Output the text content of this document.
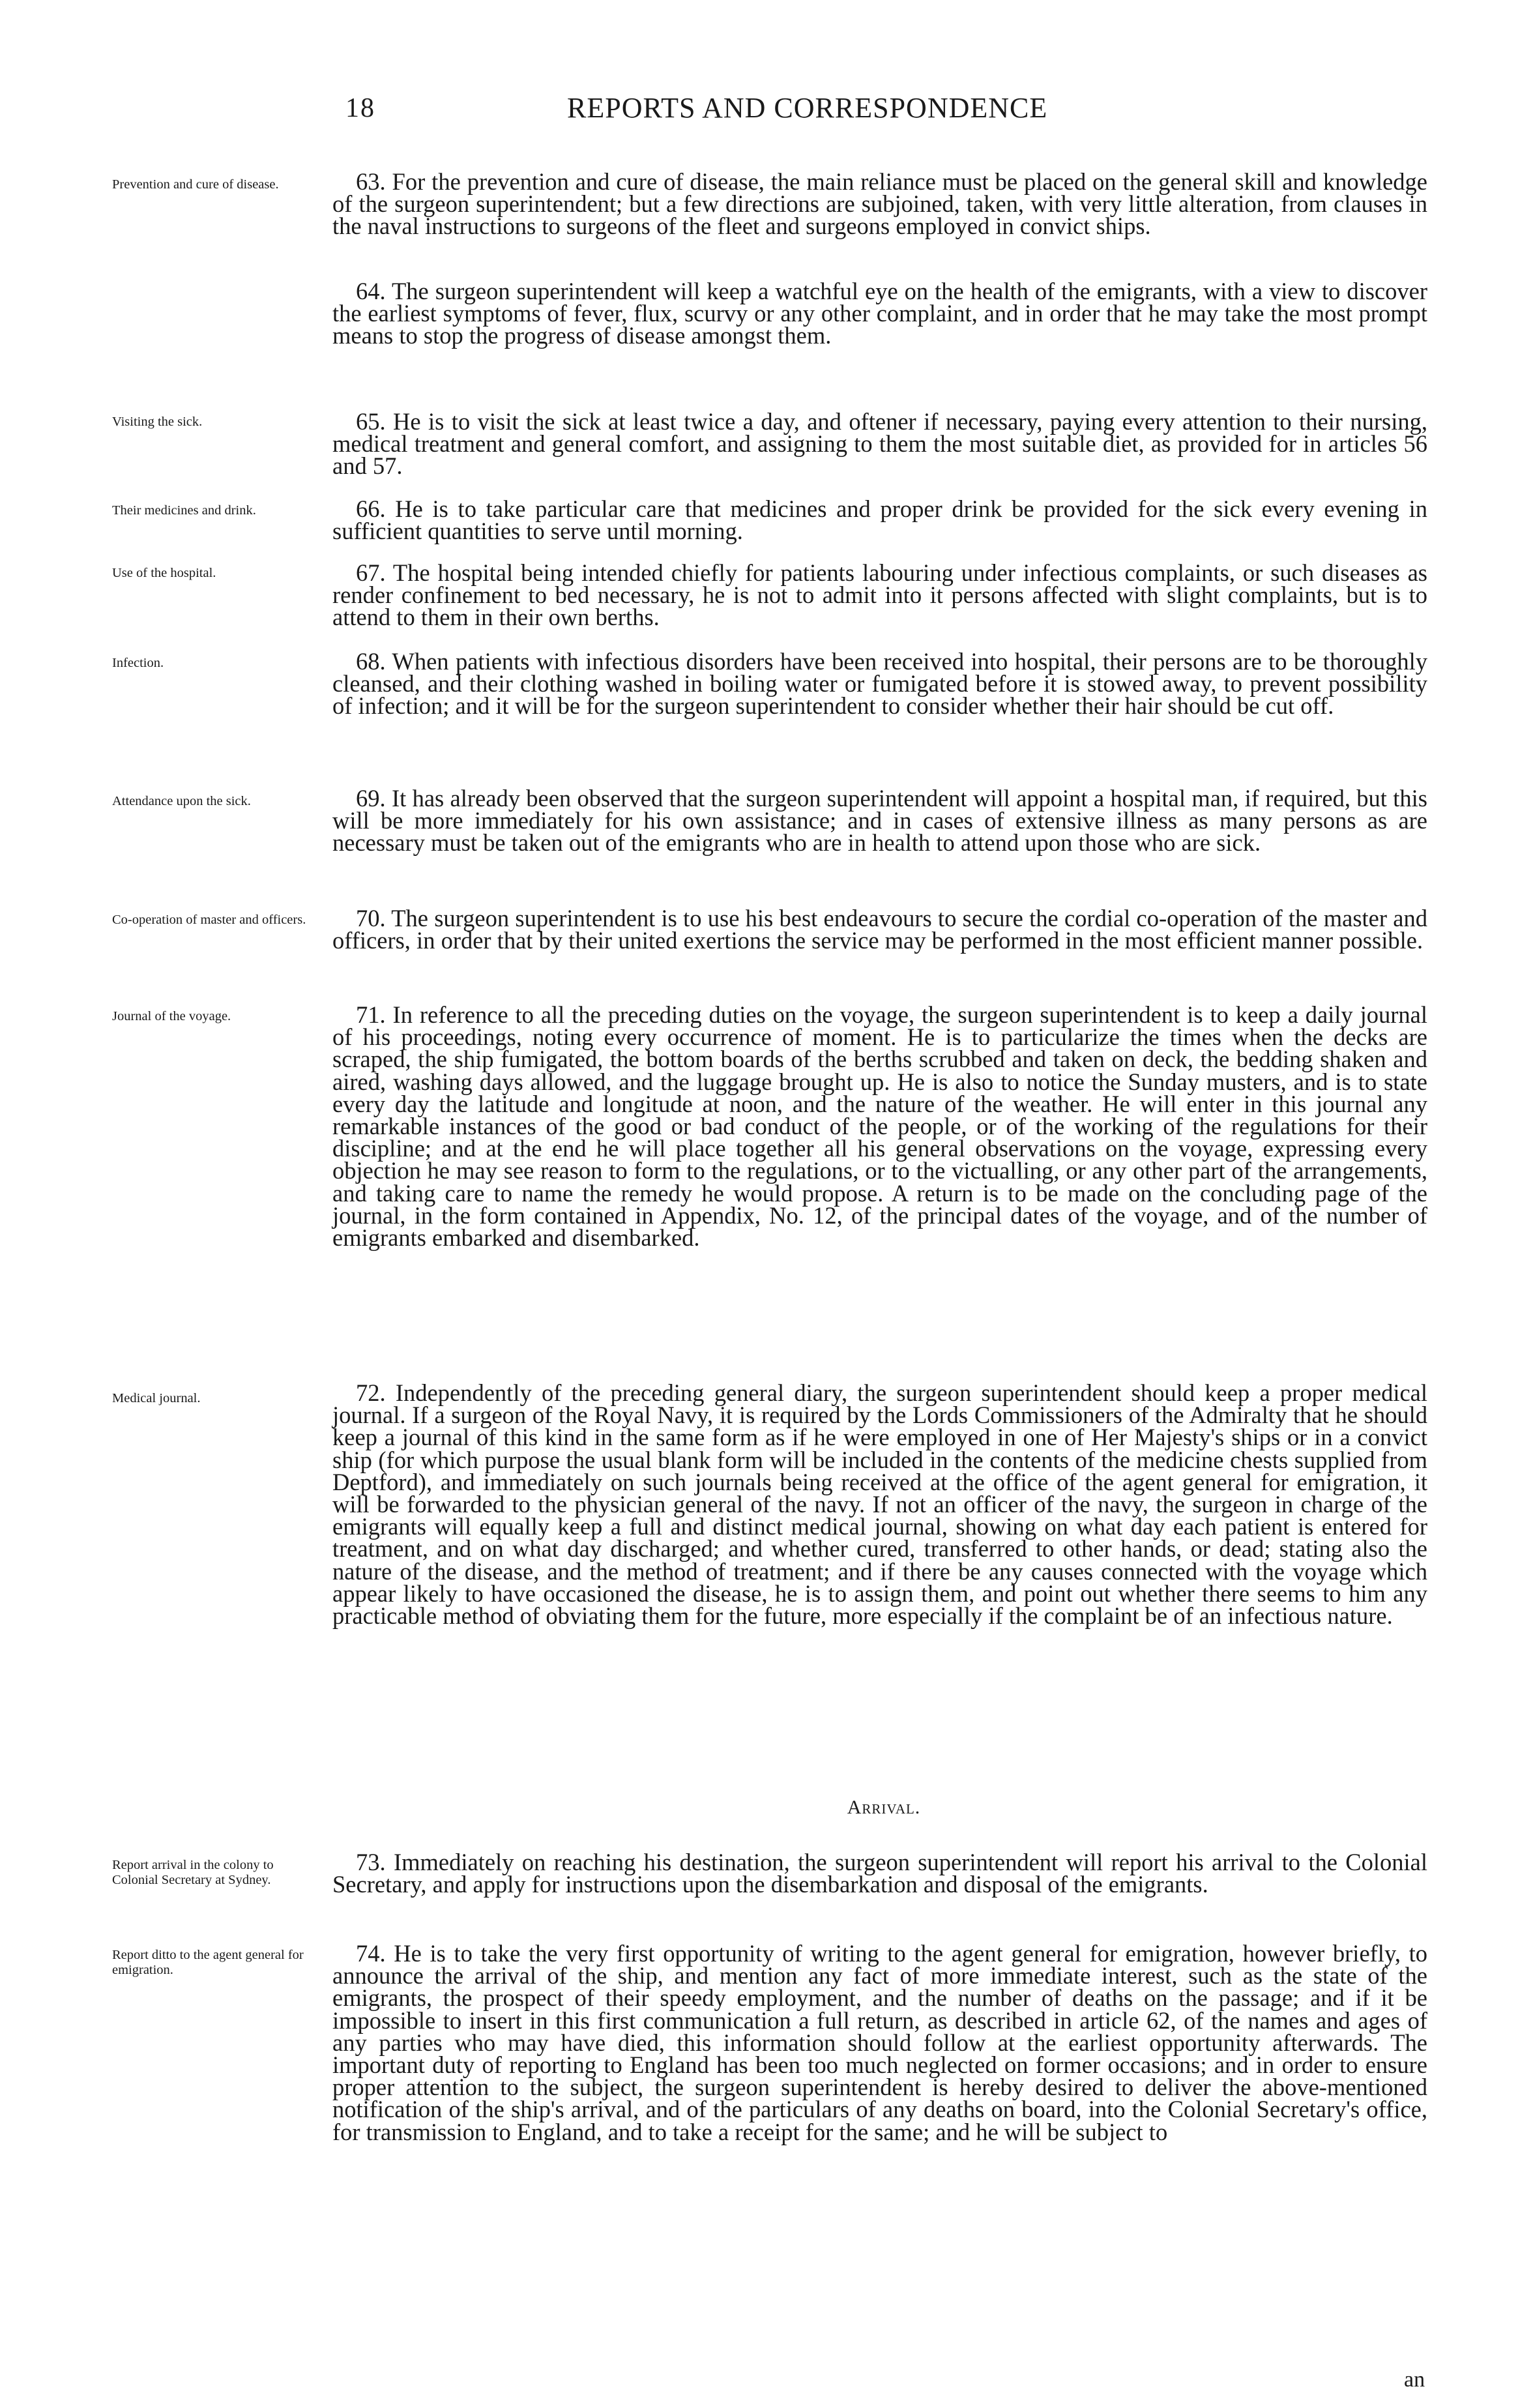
18	REPORTS AND CORRESPONDENCE
Prevention and cure of disease.
Visiting the sick.
Their medicines and drink.
Use of the hospital.
Infection.
Attendance upon the sick.
Co-operation of master and officers.
Journal of the voyage.
Medical journal.
Report arrival in the colony to Colonial Secretary at Sydney.
Report ditto to the agent general for emigration.
63. For the prevention and cure of disease, the main reliance must be placed on the general skill and knowledge of the surgeon superintendent; but a few directions are subjoined, taken, with very little alteration, from clauses in the naval instructions to surgeons of the fleet and surgeons employed in convict ships.
64. The surgeon superintendent will keep a watchful eye on the health of the emigrants, with a view to discover the earliest symptoms of fever, flux, scurvy or any other complaint, and in order that he may take the most prompt means to stop the progress of disease amongst them.
65. He is to visit the sick at least twice a day, and oftener if necessary, paying every attention to their nursing, medical treatment and general comfort, and assigning to them the most suitable diet, as provided for in articles 56 and 57.
66. He is to take particular care that medicines and proper drink be provided for the sick every evening in sufficient quantities to serve until morning.
67. The hospital being intended chiefly for patients labouring under infectious complaints, or such diseases as render confinement to bed necessary, he is not to admit into it persons affected with slight complaints, but is to attend to them in their own berths.
68. When patients with infectious disorders have been received into hospital, their persons are to be thoroughly cleansed, and their clothing washed in boiling water or fumigated before it is stowed away, to prevent possibility of infection; and it will be for the surgeon superintendent to consider whether their hair should be cut off.
69. It has already been observed that the surgeon superintendent will appoint a hospital man, if required, but this will be more immediately for his own assistance; and in cases of extensive illness as many persons as are necessary must be taken out of the emigrants who are in health to attend upon those who are sick.
70. The surgeon superintendent is to use his best endeavours to secure the cordial co-operation of the master and officers, in order that by their united exertions the service may be performed in the most efficient manner possible.
71. In reference to all the preceding duties on the voyage, the surgeon superintendent is to keep a daily journal of his proceedings, noting every occurrence of moment. He is to particularize the times when the decks are scraped, the ship fumigated, the bottom boards of the berths scrubbed and taken on deck, the bedding shaken and aired, washing days allowed, and the luggage brought up. He is also to notice the Sunday musters, and is to state every day the latitude and longitude at noon, and the nature of the weather. He will enter in this journal any remarkable instances of the good or bad conduct of the people, or of the working of the regulations for their discipline; and at the end he will place together all his general observations on the voyage, expressing every objection he may see reason to form to the regulations, or to the victualling, or any other part of the arrangements, and taking care to name the remedy he would propose. A return is to be made on the concluding page of the journal, in the form contained in Appendix, No. 12, of the principal dates of the voyage, and of the number of emigrants embarked and disembarked.
72. Independently of the preceding general diary, the surgeon superintendent should keep a proper medical journal. If a surgeon of the Royal Navy, it is required by the Lords Commissioners of the Admiralty that he should keep a journal of this kind in the same form as if he were employed in one of Her Majesty's ships or in a convict ship (for which purpose the usual blank form will be included in the contents of the medicine chests supplied from Deptford), and immediately on such journals being received at the office of the agent general for emigration, it will be forwarded to the physician general of the navy. If not an officer of the navy, the surgeon in charge of the emigrants will equally keep a full and distinct medical journal, showing on what day each patient is entered for treatment, and on what day discharged; and whether cured, transferred to other hands, or dead; stating also the nature of the disease, and the method of treatment; and if there be any causes connected with the voyage which appear likely to have occasioned the disease, he is to assign them, and point out whether there seems to him any practicable method of obviating them for the future, more especially if the complaint be of an infectious nature.
Arrival.
73. Immediately on reaching his destination, the surgeon superintendent will report his arrival to the Colonial Secretary, and apply for instructions upon the disembarkation and disposal of the emigrants.
74. He is to take the very first opportunity of writing to the agent general for emigration, however briefly, to announce the arrival of the ship, and mention any fact of more immediate interest, such as the state of the emigrants, the prospect of their speedy employment, and the number of deaths on the passage; and if it be impossible to insert in this first communication a full return, as described in article 62, of the names and ages of any parties who may have died, this information should follow at the earliest opportunity afterwards. The important duty of reporting to England has been too much neglected on former occasions; and in order to ensure proper attention to the subject, the surgeon superintendent is hereby desired to deliver the above-mentioned notification of the ship's arrival, and of the particulars of any deaths on board, into the Colonial Secretary's office, for transmission to England, and to take a receipt for the same; and he will be subject to
an
